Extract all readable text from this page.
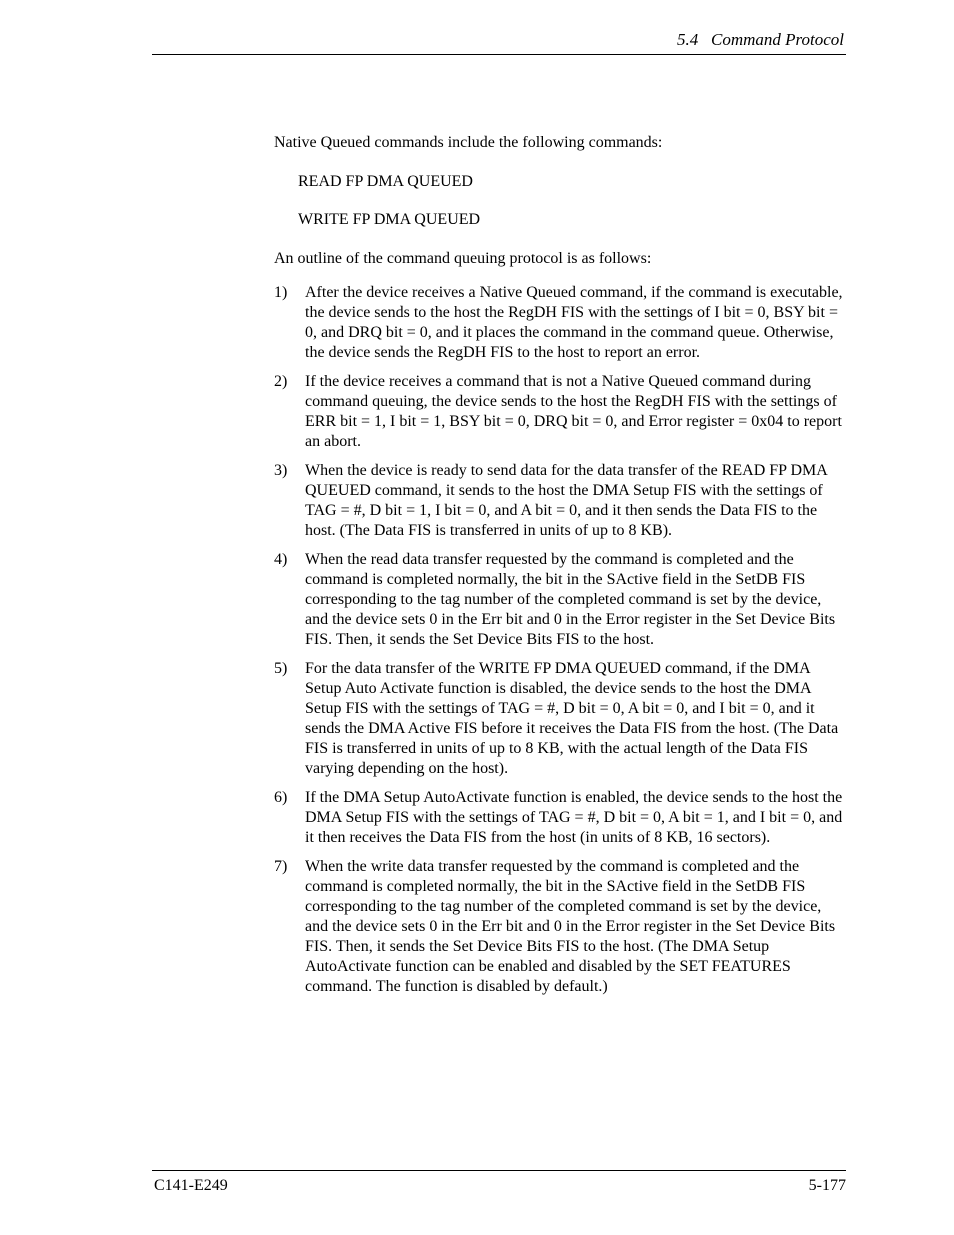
5.4   Command Protocol
Native Queued commands include the following commands:
READ FP DMA QUEUED
WRITE FP DMA QUEUED
An outline of the command queuing protocol is as follows:
1)	After the device receives a Native Queued command, if the command is executable, the device sends to the host the RegDH FIS with the settings of I bit = 0, BSY bit = 0, and DRQ bit = 0, and it places the command in the command queue. Otherwise, the device sends the RegDH FIS to the host to report an error.
2)	If the device receives a command that is not a Native Queued command during command queuing, the device sends to the host the RegDH FIS with the settings of ERR bit = 1, I bit = 1, BSY bit = 0, DRQ bit = 0, and Error register = 0x04 to report an abort.
3)	When the device is ready to send data for the data transfer of the READ FP DMA QUEUED command, it sends to the host the DMA Setup FIS with the settings of TAG = #, D bit = 1, I bit = 0, and A bit = 0, and it then sends the Data FIS to the host. (The Data FIS is transferred in units of up to 8 KB).
4)	When the read data transfer requested by the command is completed and the command is completed normally, the bit in the SActive field in the SetDB FIS corresponding to the tag number of the completed command is set by the device, and the device sets 0 in the Err bit and 0 in the Error register in the Set Device Bits FIS. Then, it sends the Set Device Bits FIS to the host.
5)	For the data transfer of the WRITE FP DMA QUEUED command, if the DMA Setup Auto Activate function is disabled, the device sends to the host the DMA Setup FIS with the settings of TAG = #, D bit = 0, A bit = 0, and I bit = 0, and it sends the DMA Active FIS before it receives the Data FIS from the host. (The Data FIS is transferred in units of up to 8 KB, with the actual length of the Data FIS varying depending on the host).
6)	If the DMA Setup AutoActivate function is enabled, the device sends to the host the DMA Setup FIS with the settings of TAG = #, D bit = 0, A bit = 1, and I bit = 0, and it then receives the Data FIS from the host (in units of 8 KB, 16 sectors).
7)	When the write data transfer requested by the command is completed and the command is completed normally, the bit in the SActive field in the SetDB FIS corresponding to the tag number of the completed command is set by the device, and the device sets 0 in the Err bit and 0 in the Error register in the Set Device Bits FIS. Then, it sends the Set Device Bits FIS to the host. (The DMA Setup AutoActivate function can be enabled and disabled by the SET FEATURES command. The function is disabled by default.)
C141-E249	5-177
